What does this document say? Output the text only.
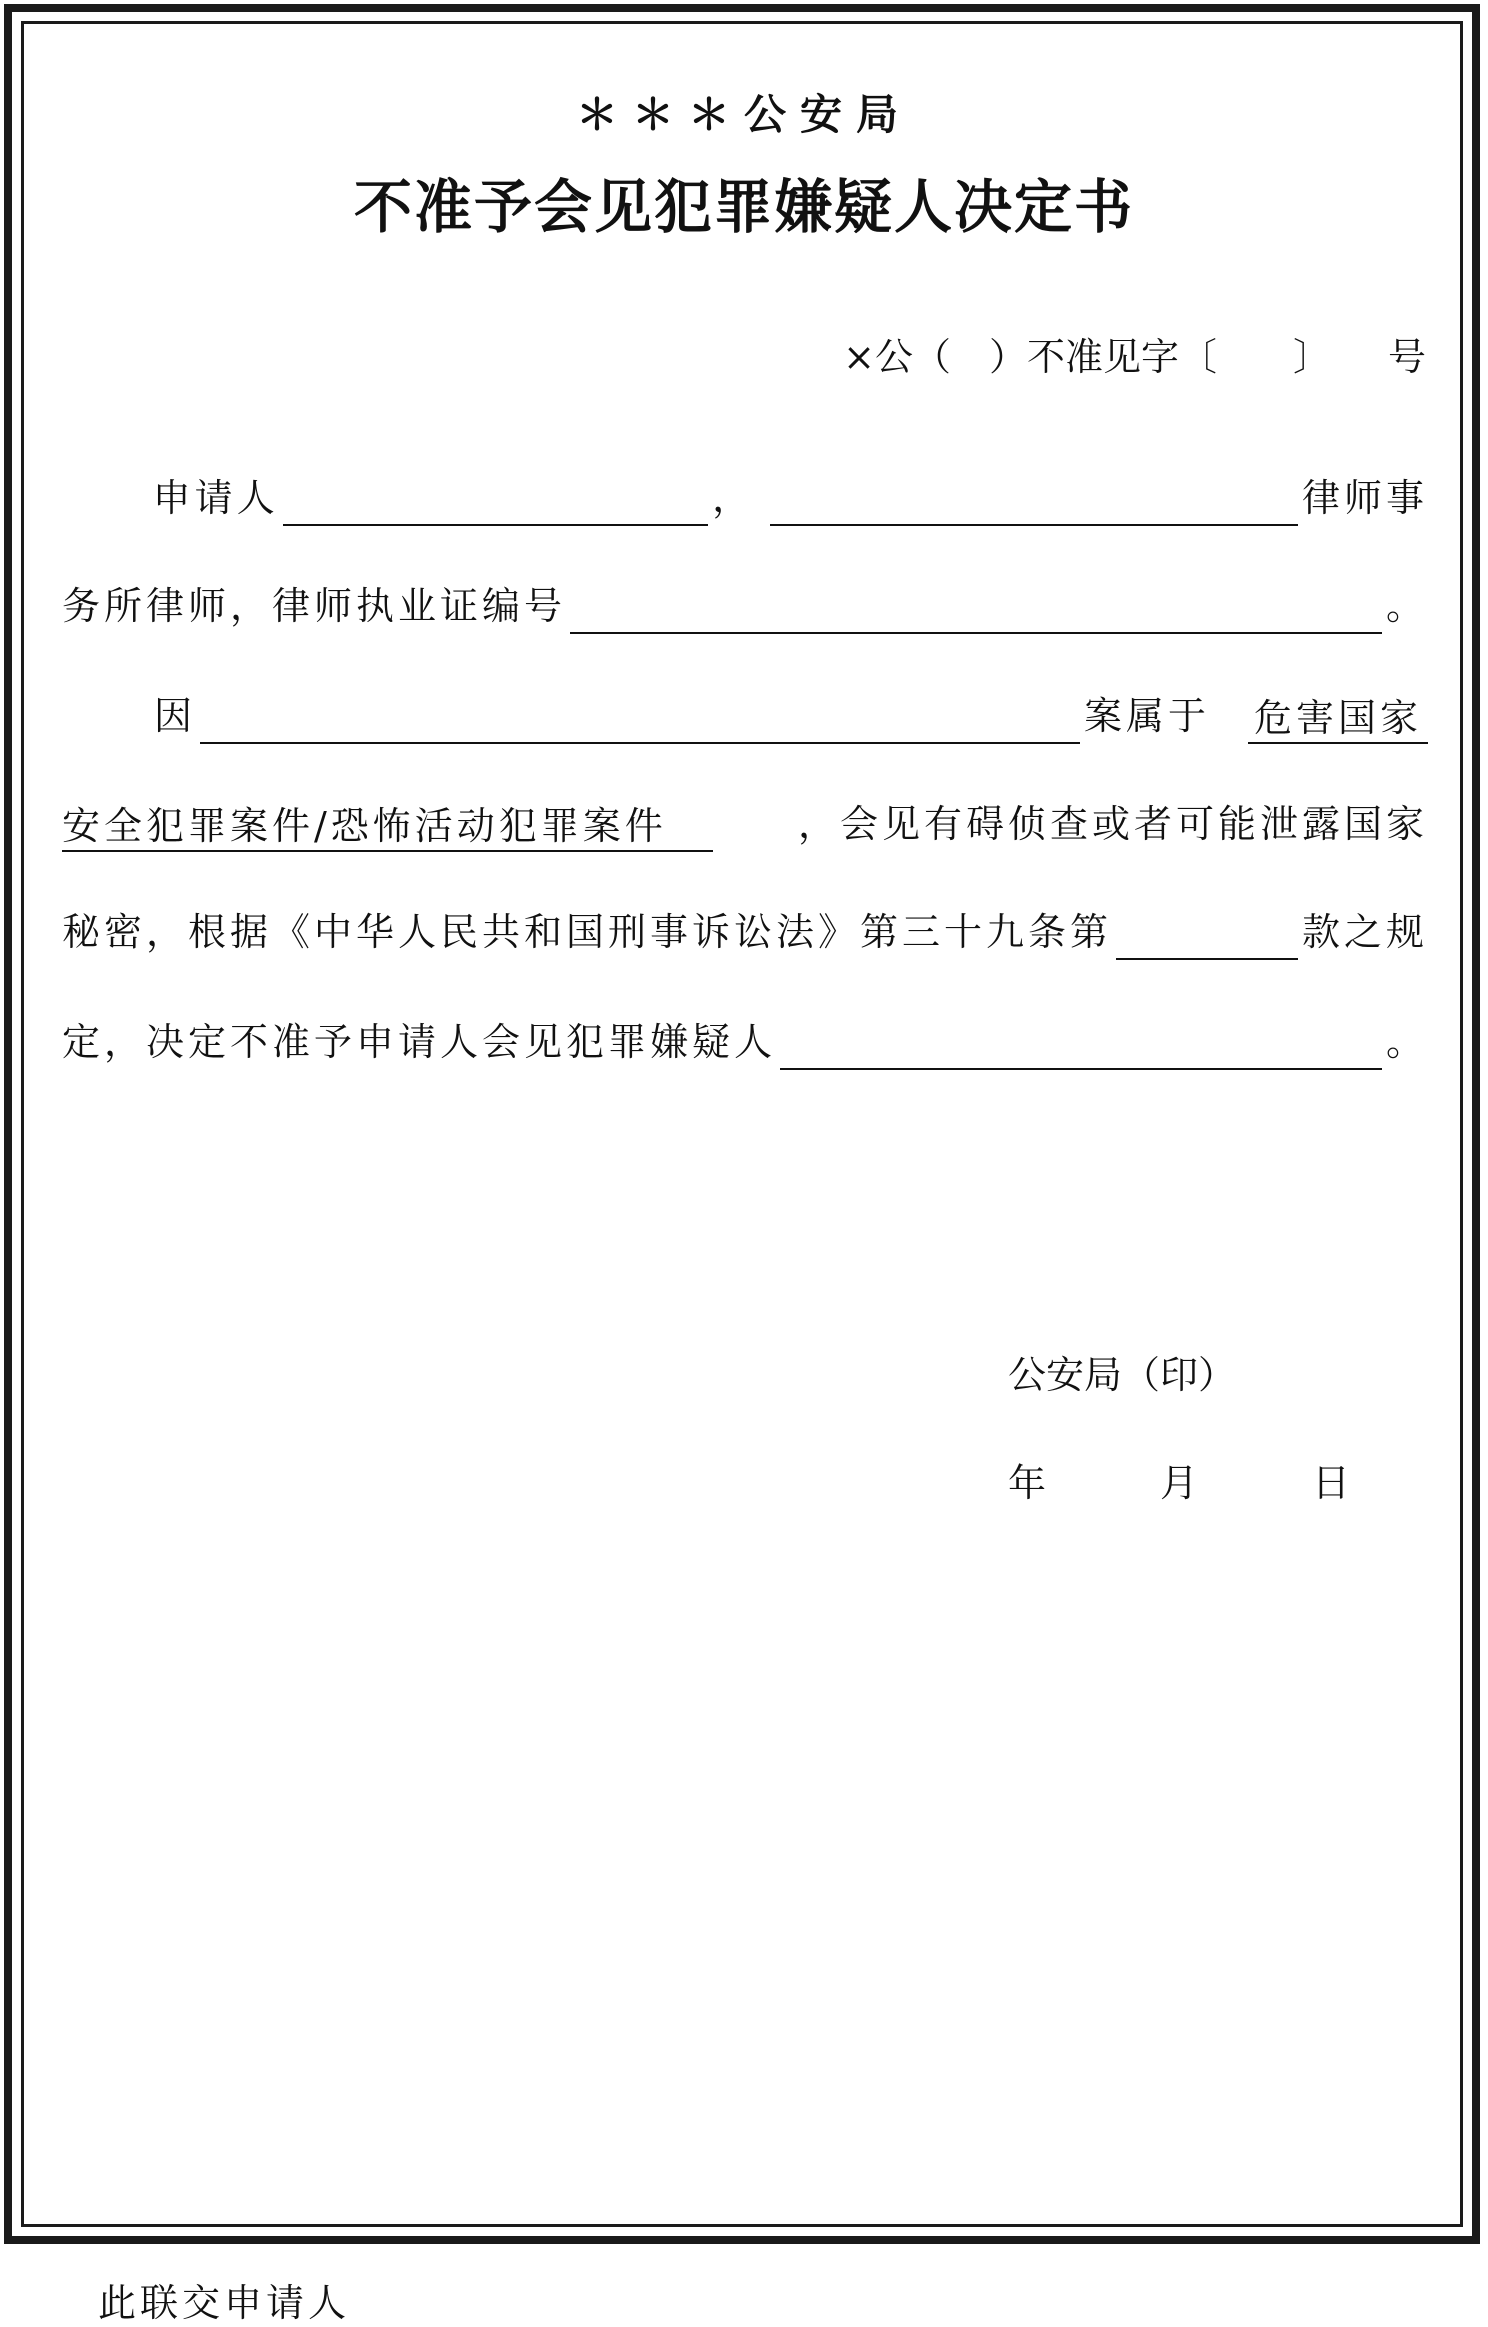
＊＊＊公安局
不准予会见犯罪嫌疑人决定书
×公（　）不准见字〔　　〕　　号
申请人	，	律师事
务所律师，律师执业证编号	。
因	案属于 危害国家
安全犯罪案件/恐怖活动犯罪案件	，会见有碍侦查或者可能泄露国家
秘密，根据《中华人民共和国刑事诉讼法》第三十九条第	款之规
定，决定不准予申请人会见犯罪嫌疑人	。
公安局（印）
年　　　月　　　日
此联交申请人
